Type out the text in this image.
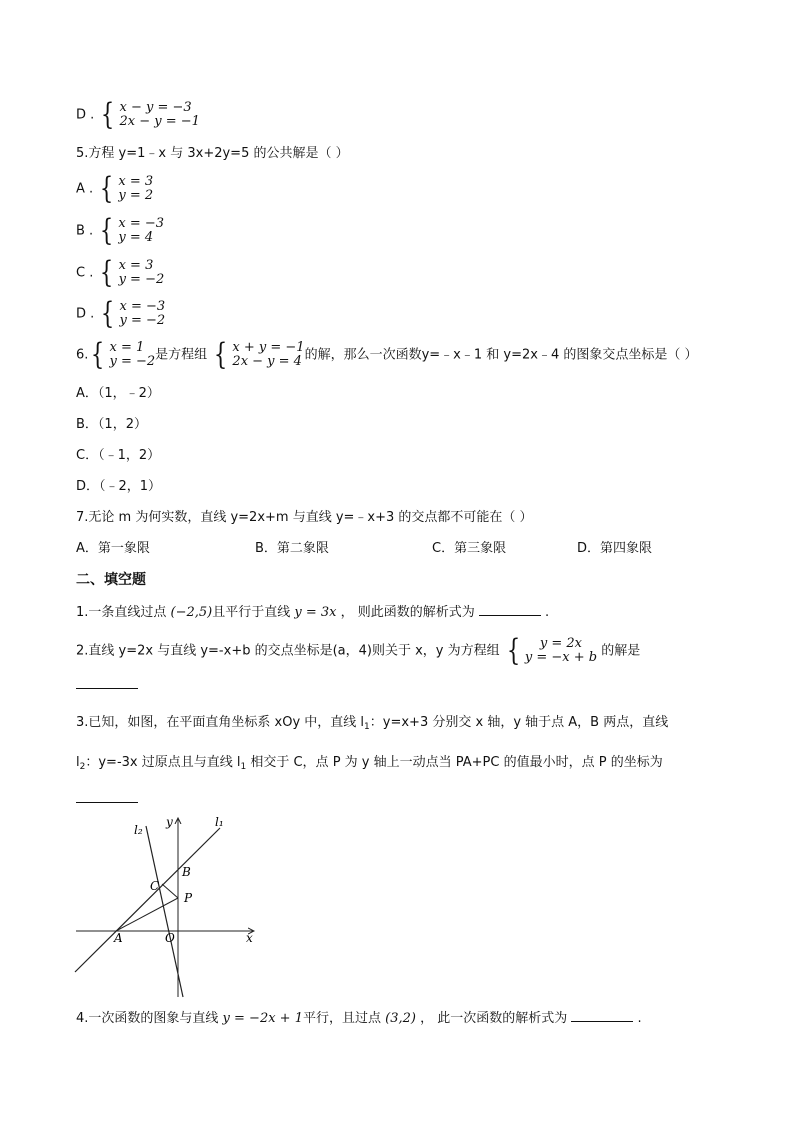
D . { x − y = −3
2x − y = −1
5.方程 y=1﹣x 与 3x+2y=5 的公共解是（ ）
A . { x = 3
y = 2
B . { x = −3
y = 4
C . { x = 3
y = −2
D . { x = −3
y = −2
6. { x = 1
y = −2 是方程组 { x + y = −1
2x − y = 4 的解，那么一次函数y=﹣x﹣1 和 y=2x﹣4 的图象交点坐标是（ ）
A．（1，﹣2）
B．（1，2）
C．（﹣1，2）
D．（﹣2，1）
7.无论 m 为何实数，直线 y=2x+m 与直线 y=﹣x+3 的交点都不可能在（ ）
A．第一象限	B．第二象限	C．第三象限	D．第四象限
二、填空题
1.一条直线过点 (−2,5)且平行于直线 y = 3x ， 则此函数的解析式为	.
2.直线 y=2x 与直线 y=-x+b 的交点坐标是(a，4)则关于 x，y 为方程组 { y = 2x
y = −x + b 的解是
3.已知，如图，在平面直角坐标系 xOy 中，直线 $l_1$：y=x+3 分别交 x 轴，y 轴于点 A，B 两点，直线
$l_2$：y=-3x 过原点且与直线 $l_1$ 相交于 C，点 P 为 y 轴上一动点当 PA+PC 的值最小时，点 P 的坐标为
l₂
y	l₁
B
C
P
A	O	x
4.一次函数的图象与直线 y = −2x + 1平行，且过点 (3,2) ， 此一次函数的解析式为	.
